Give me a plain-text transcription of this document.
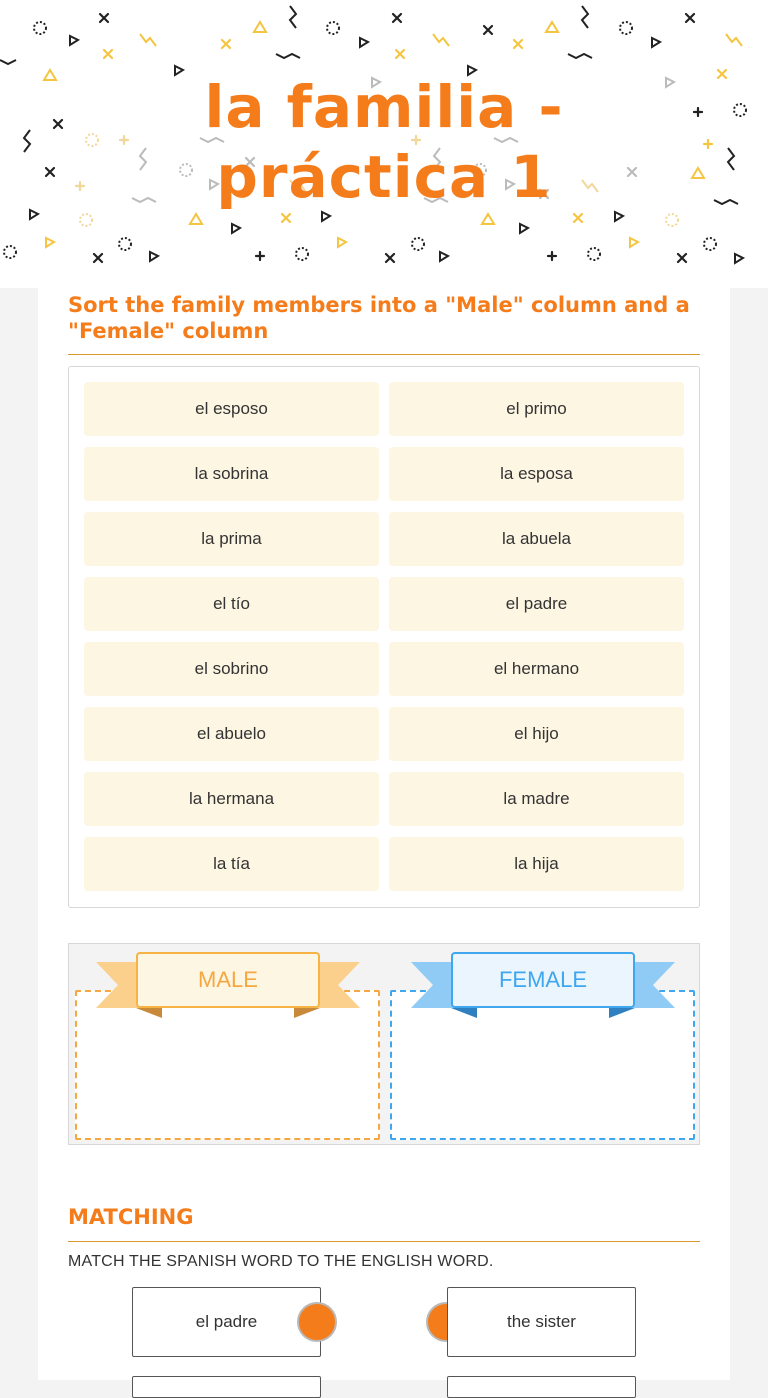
la familia - práctica 1
Sort the family members into a "Male" column and a "Female" column
el esposo	el primo
la sobrina	la esposa
la prima	la abuela
el tío	el padre
el sobrino	el hermano
el abuelo	el hijo
la hermana	la madre
la tía	la hija
MALE	FEMALE
MATCHING
MATCH THE SPANISH WORD TO THE ENGLISH WORD.
el padre	the sister
